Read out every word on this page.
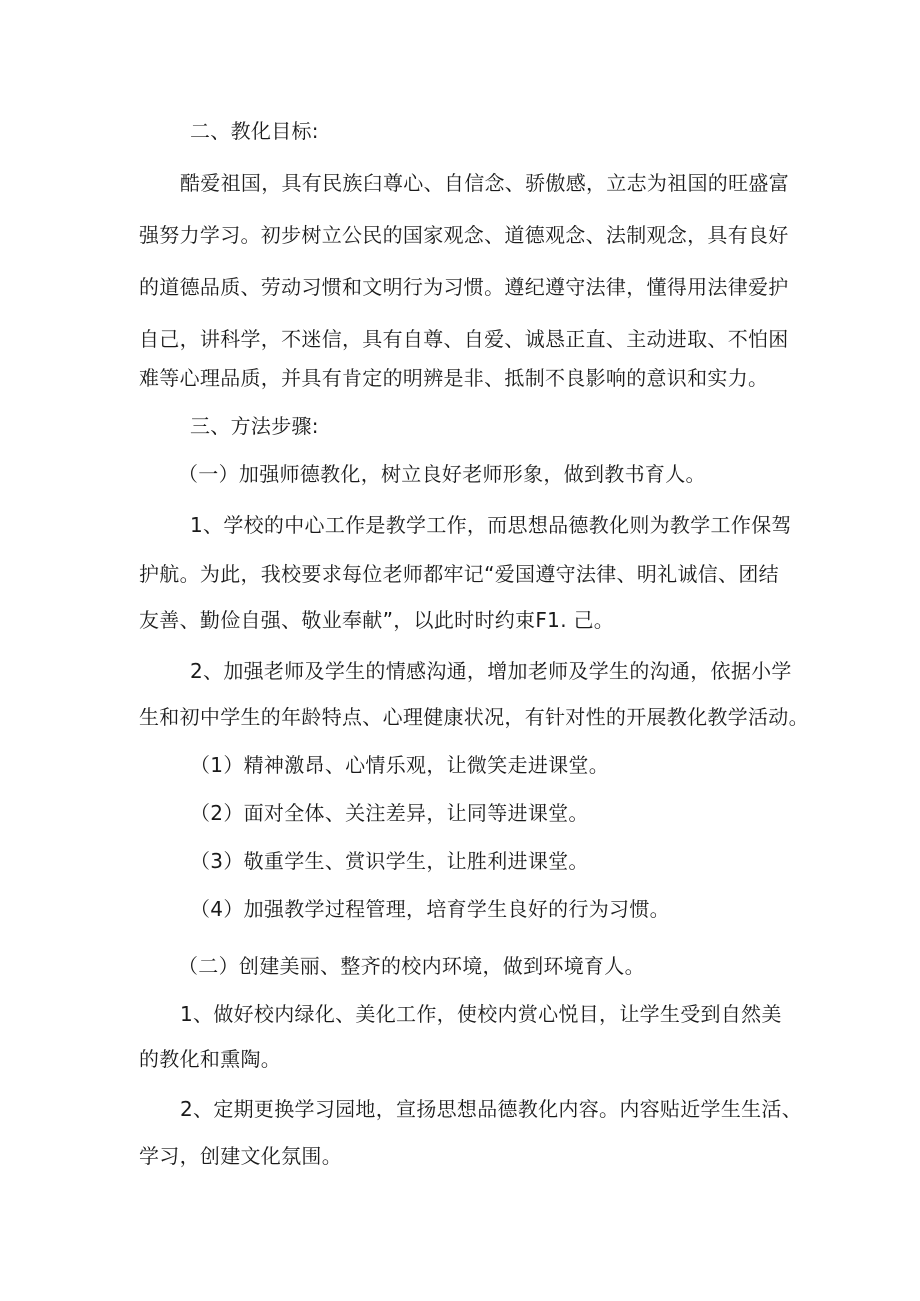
二、教化目标:
酷爱祖国，具有民族臼尊心、自信念、骄傲感，立志为祖国的旺盛富
强努力学习。初步树立公民的国家观念、道德观念、法制观念，具有良好
的道德品质、劳动习惯和文明行为习惯。遵纪遵守法律，懂得用法律爱护
自己，讲科学，不迷信，具有自尊、自爱、诚恳正直、主动进取、不怕困
难等心理品质，并具有肯定的明辨是非、抵制不良影响的意识和实力。
三、方法步骤:
（一）加强师德教化，树立良好老师形象，做到教书育人。
1、学校的中心工作是教学工作，而思想品德教化则为教学工作保驾
护航。为此，我校要求每位老师都牢记“爱国遵守法律、明礼诚信、团结
友善、勤俭自强、敬业奉献”，以此时时约束F1. 己。
2、加强老师及学生的情感沟通，增加老师及学生的沟通，依据小学
生和初中学生的年龄特点、心理健康状况，有针对性的开展教化教学活动。
（1）精神激昂、心情乐观，让微笑走进课堂。
（2）面对全体、关注差异，让同等进课堂。
（3）敬重学生、赏识学生，让胜利进课堂。
（4）加强教学过程管理，培育学生良好的行为习惯。
（二）创建美丽、整齐的校内环境，做到环境育人。
1、做好校内绿化、美化工作，使校内赏心悦目，让学生受到自然美
的教化和熏陶。
2、定期更换学习园地，宣扬思想品德教化内容。内容贴近学生生活、
学习，创建文化氛围。
